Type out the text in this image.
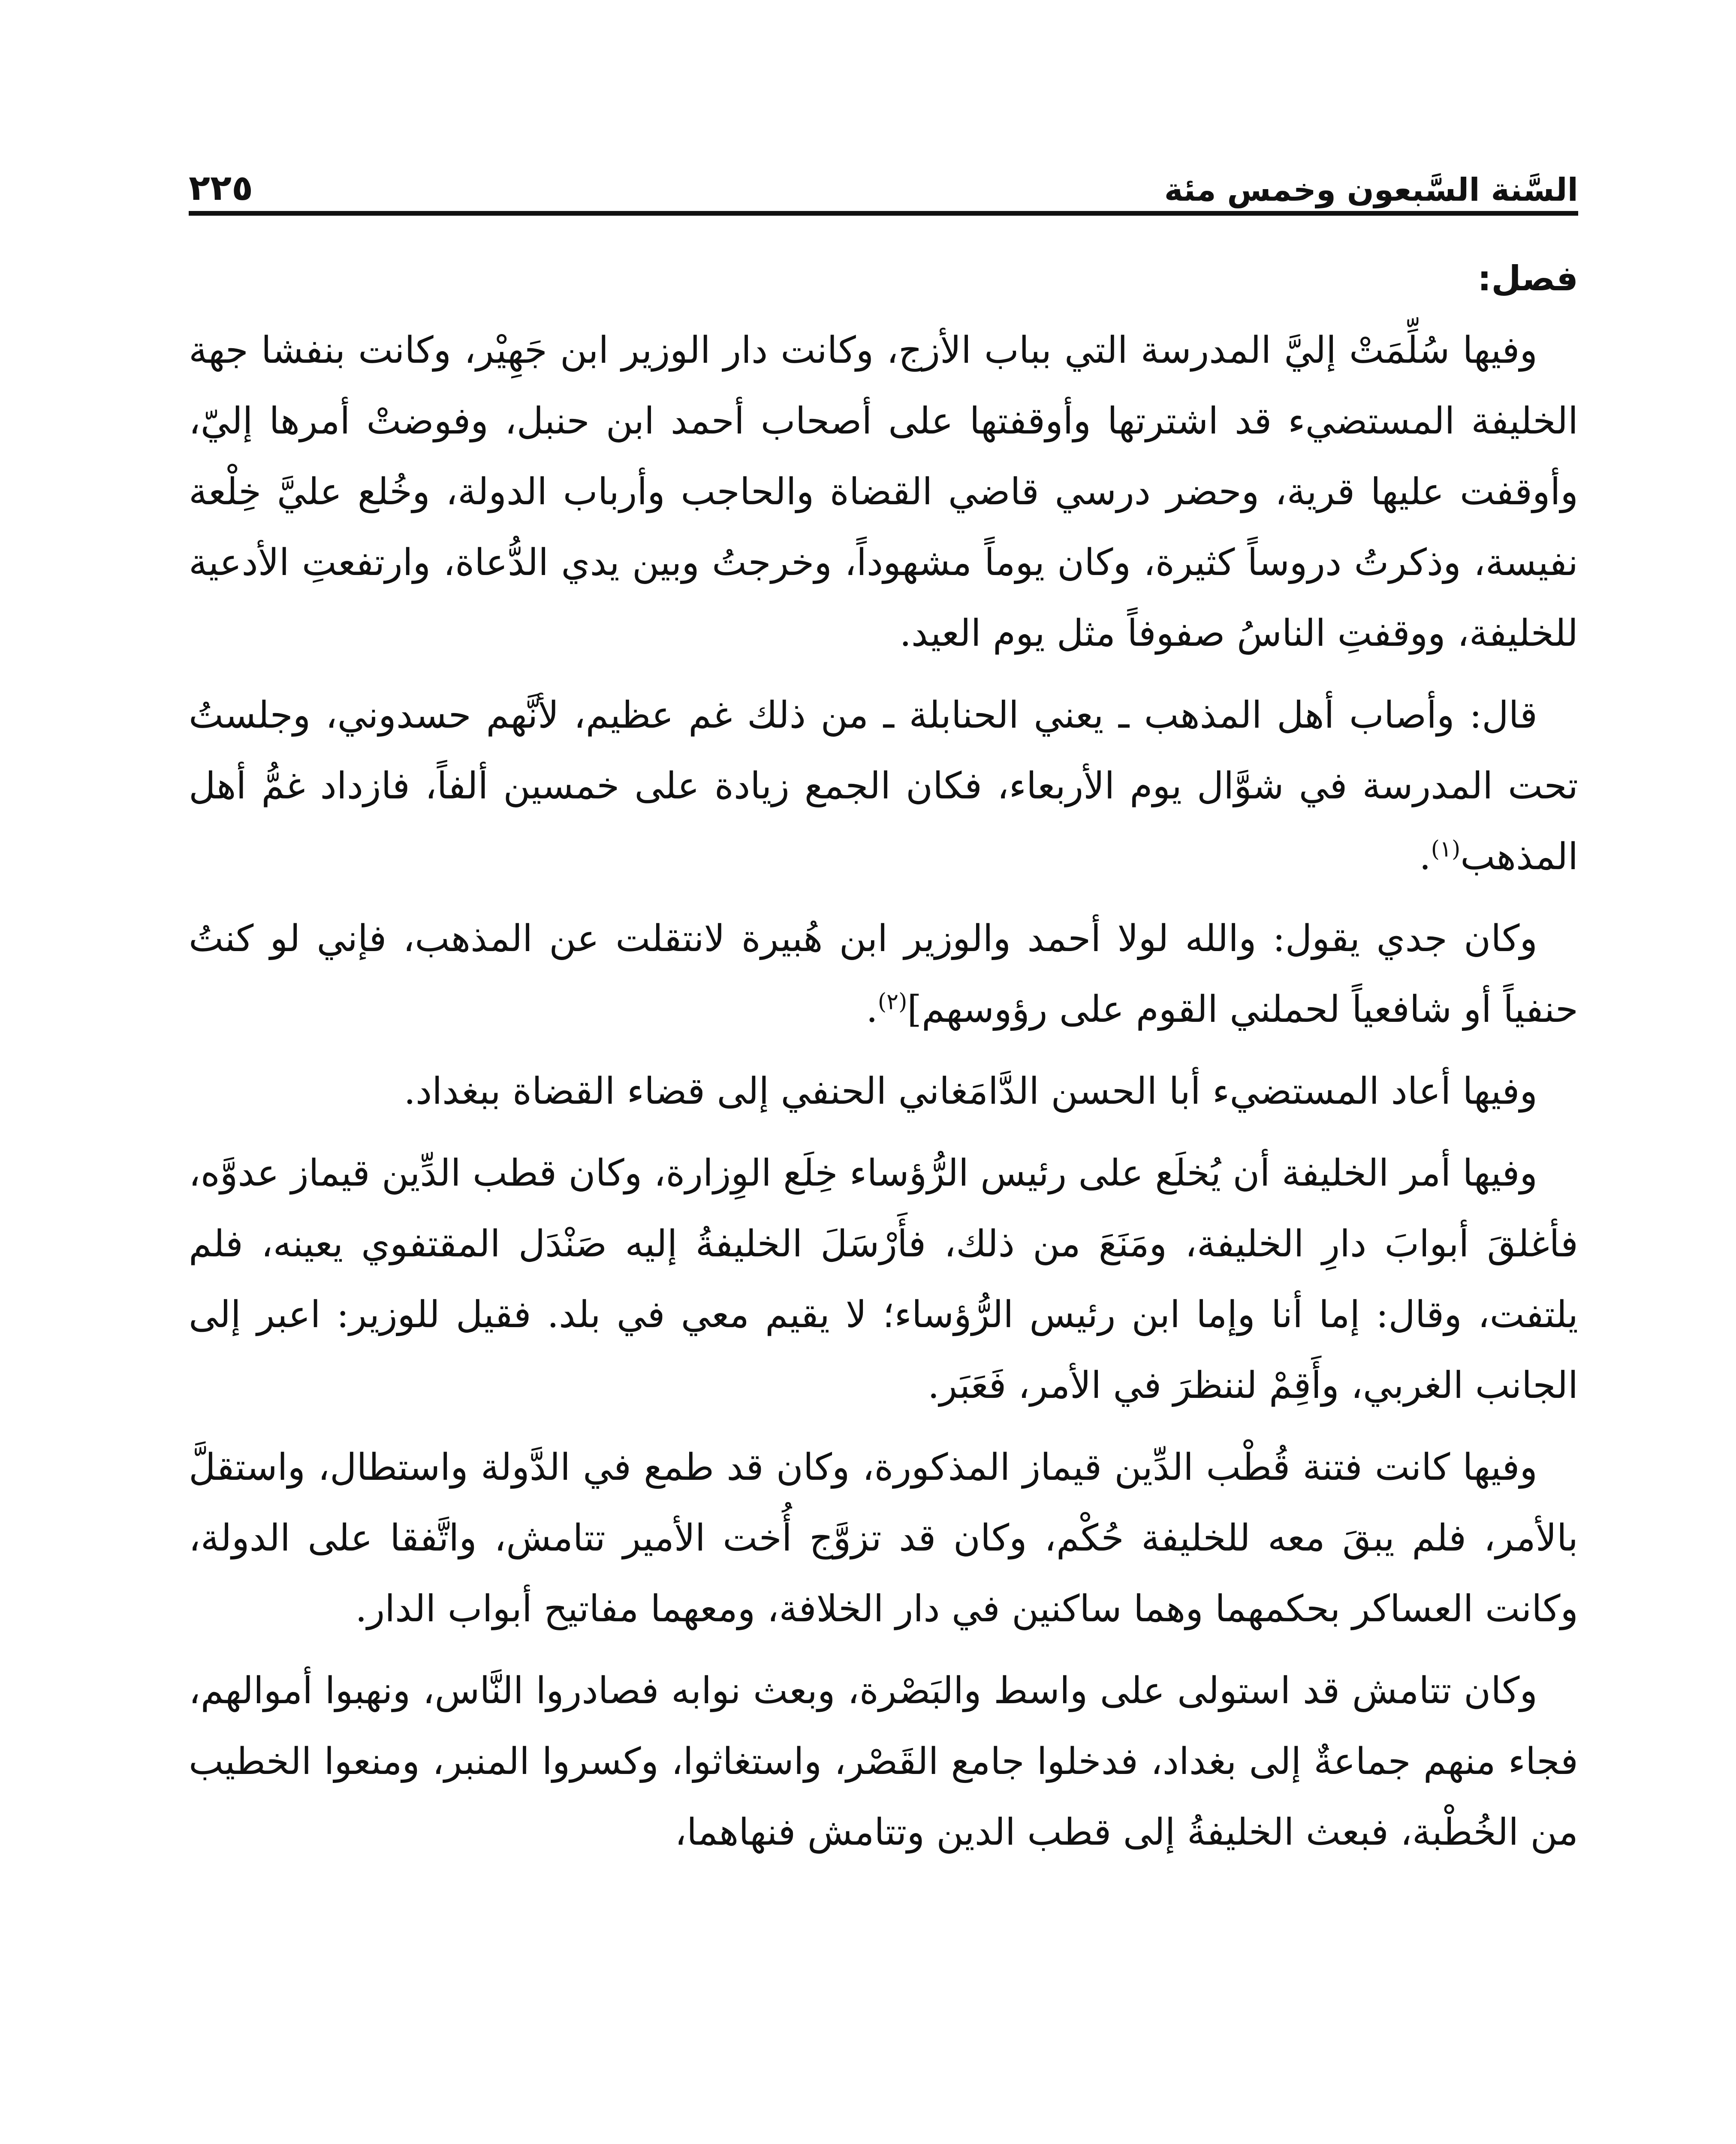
السَّنة السَّبعون وخمس مئة
٢٢٥
فصل:

وفيها سُلِّمَتْ إليَّ المدرسة التي بباب الأزج، وكانت دار الوزير ابن جَهِيْر، وكانت بنفشا جهة الخليفة المستضيء قد اشترتها وأوقفتها على أصحاب أحمد ابن حنبل، وفوضتْ أمرها إليّ، وأوقفت عليها قرية، وحضر درسي قاضي القضاة والحاجب وأرباب الدولة، وخُلع عليَّ خِلْعة نفيسة، وذكرتُ دروساً كثيرة، وكان يوماً مشهوداً، وخرجتُ وبين يدي الدُّعاة، وارتفعتِ الأدعية للخليفة، ووقفتِ الناسُ صفوفاً مثل يوم العيد.

قال: وأصاب أهل المذهب ـ يعني الحنابلة ـ من ذلك غم عظيم، لأنَّهم حسدوني، وجلستُ تحت المدرسة في شوَّال يوم الأربعاء، فكان الجمع زيادة على خمسين ألفاً، فازداد غمُّ أهل المذهب$^{(١)}$.

وكان جدي يقول: والله لولا أحمد والوزير ابن هُبيرة لانتقلت عن المذهب، فإني لو كنتُ حنفياً أو شافعياً لحملني القوم على رؤوسهم]$^{(٢)}$.

وفيها أعاد المستضيء أبا الحسن الدَّامَغاني الحنفي إلى قضاء القضاة ببغداد.

وفيها أمر الخليفة أن يُخلَع على رئيس الرُّؤساء خِلَع الوِزارة، وكان قطب الدِّين قيماز عدوَّه، فأغلقَ أبوابَ دارِ الخليفة، ومَنَعَ من ذلك، فأَرْسَلَ الخليفةُ إليه صَنْدَل المقتفوي يعينه، فلم يلتفت، وقال: إما أنا وإما ابن رئيس الرُّؤساء؛ لا يقيم معي في بلد. فقيل للوزير: اعبر إلى الجانب الغربي، وأَقِمْ لننظرَ في الأمر، فَعَبَر.

وفيها كانت فتنة قُطْب الدِّين قيماز المذكورة، وكان قد طمع في الدَّولة واستطال، واستقلَّ بالأمر، فلم يبقَ معه للخليفة حُكْم، وكان قد تزوَّج أُخت الأمير تتامش، واتَّفقا على الدولة، وكانت العساكر بحكمهما وهما ساكنين في دار الخلافة، ومعهما مفاتيح أبواب الدار.

وكان تتامش قد استولى على واسط والبَصْرة، وبعث نوابه فصادروا النَّاس، ونهبوا أموالهم، فجاء منهم جماعةٌ إلى بغداد، فدخلوا جامع القَصْر، واستغاثوا، وكسروا المنبر، ومنعوا الخطيب من الخُطْبة، فبعث الخليفةُ إلى قطب الدين وتتامش فنهاهما،
